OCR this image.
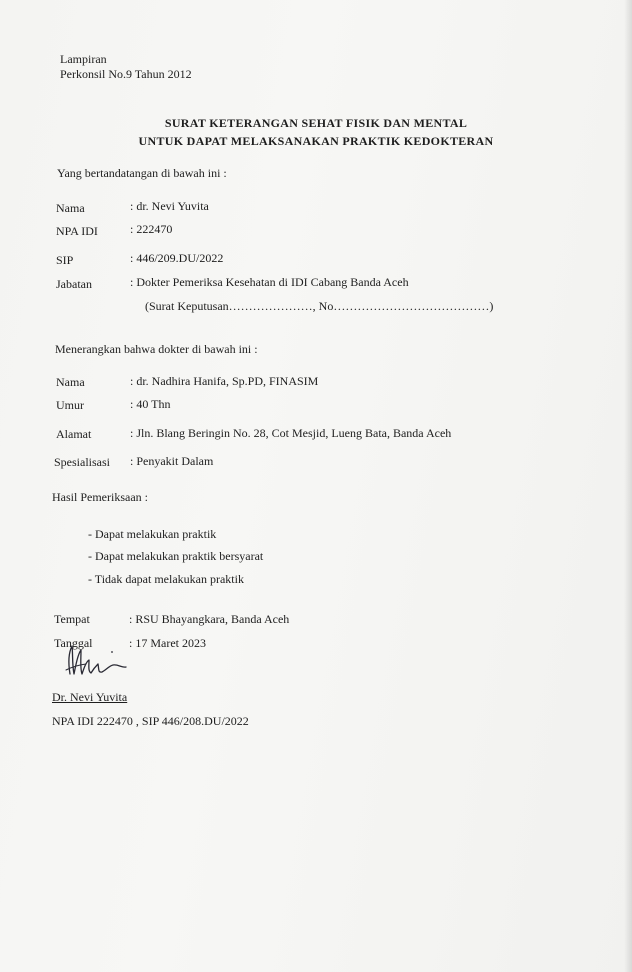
Lampiran
Perkonsil No.9 Tahun 2012
SURAT KETERANGAN SEHAT FISIK DAN MENTAL
UNTUK DAPAT MELAKSANAKAN PRAKTIK KEDOKTERAN
Yang bertandatangan di bawah ini :
Nama	: dr. Nevi Yuvita
NPA IDI	: 222470
SIP	: 446/209.DU/2022
Jabatan	: Dokter Pemeriksa Kesehatan di IDI Cabang Banda Aceh
(Surat Keputusan…………………, No…………………………………)
Menerangkan bahwa dokter di bawah ini :
Nama	: dr. Nadhira Hanifa, Sp.PD, FINASIM
Umur	: 40 Thn
Alamat	: Jln. Blang Beringin No. 28, Cot Mesjid, Lueng Bata, Banda Aceh
Spesialisasi : Penyakit Dalam
Hasil Pemeriksaan :
- Dapat melakukan praktik
- Dapat melakukan praktik bersyarat
- Tidak dapat melakukan praktik
Tempat	: RSU Bhayangkara, Banda Aceh
Tanggal	: 17 Maret 2023
Dr. Nevi Yuvita
NPA IDI 222470 , SIP 446/208.DU/2022
